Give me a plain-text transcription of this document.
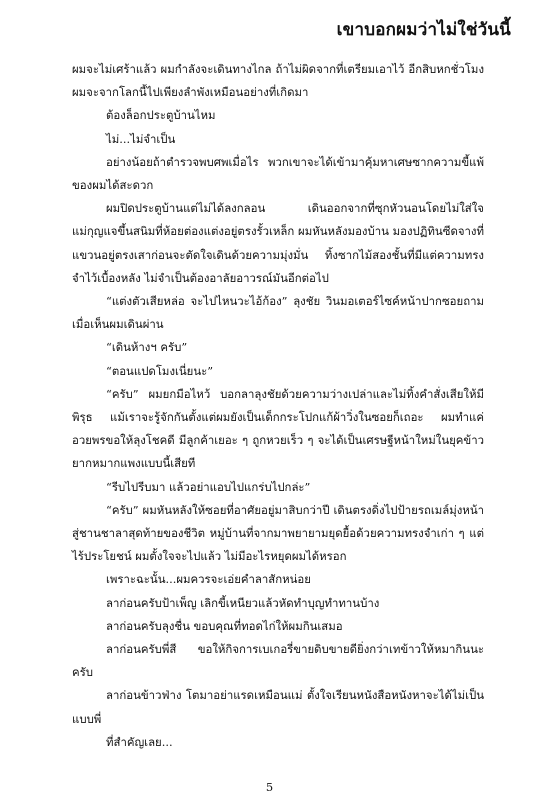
เขาบอกผมว่าไม่ใช่วันนี้

ผมจะไม่เศร้าแล้ว ผมกำลังจะเดินทางไกล ถ้าไม่ผิดจากที่เตรียมเอาไว้ อีกสิบหกชั่วโมงผมจะจากโลกนี้ไปเพียงลำพังเหมือนอย่างที่เกิดมา

ต้องล็อกประตูบ้านไหม

ไม่...ไม่จำเป็น

อย่างน้อยถ้าตำรวจพบศพเมื่อไร พวกเขาจะได้เข้ามาคุ้มหาเศษซากความขี้แพ้ของผมได้สะดวก

ผมปิดประตูบ้านแต่ไม่ได้ลงกลอน เดินออกจากที่ซุกหัวนอนโดยไม่ใส่ใจแม่กุญแจขึ้นสนิมที่ห้อยต่องแต่งอยู่ตรงรั้วเหล็ก ผมหันหลังมองบ้าน มองปฏิทินซีดจางที่แขวนอยู่ตรงเสาก่อนจะตัดใจเดินด้วยความมุ่งมั่น ทิ้งซากไม้สองชั้นที่มีแต่ความทรงจำไว้เบื้องหลัง ไม่จำเป็นต้องอาลัยอาวรณ์มันอีกต่อไป

“แต่งตัวเสียหล่อ จะไปไหนวะไอ้ก้อง” ลุงชัย วินมอเตอร์ไซค์หน้าปากซอยถามเมื่อเห็นผมเดินผ่าน

“เดินห้างฯ ครับ”

“ตอนแปดโมงเนี่ยนะ”

“ครับ” ผมยกมือไหว้ บอกลาลุงชัยด้วยความว่างเปล่าและไม่ทิ้งคำสั่งเสียให้มีพิรุธ แม้เราจะรู้จักกันตั้งแต่ผมยังเป็นเด็กกระโปกแก้ผ้าวิ่งในซอยก็เถอะ ผมทำแค่อวยพรขอให้ลุงโชคดี มีลูกค้าเยอะ ๆ ถูกหวยเร็ว ๆ จะได้เป็นเศรษฐีหน้าใหม่ในยุคข้าวยากหมากแพงแบบนี้เสียที

“รีบไปรีบมา แล้วอย่าแอบไปแกร่บไปกล่ะ”

“ครับ” ผมหันหลังให้ซอยที่อาศัยอยู่มาสิบกว่าปี เดินตรงดิ่งไปป้ายรถเมล์มุ่งหน้าสู่ชานชาลาสุดท้ายของชีวิต หมู่บ้านที่จากมาพยายามยุดยื้อด้วยความทรงจำเก่า ๆ แต่ไร้ประโยชน์ ผมตั้งใจจะไปแล้ว ไม่มีอะไรหยุดผมได้หรอก

เพราะฉะนั้น...ผมควรจะเอ่ยคำลาสักหน่อย

ลาก่อนครับป้าเพ็ญ เลิกขี้เหนียวแล้วหัดทำบุญทำทานบ้าง

ลาก่อนครับลุงชื่น ขอบคุณที่ทอดไก่ให้ผมกินเสมอ

ลาก่อนครับพี่สี ขอให้กิจการเบเกอรี่ขายดิบขายดียิ่งกว่าเทข้าวให้หมากินนะครับ

ลาก่อนข้าวฟ่าง โตมาอย่าแรดเหมือนแม่ ตั้งใจเรียนหนังสือหนังหาจะได้ไม่เป็นแบบพี่

ที่สำคัญเลย...

5
